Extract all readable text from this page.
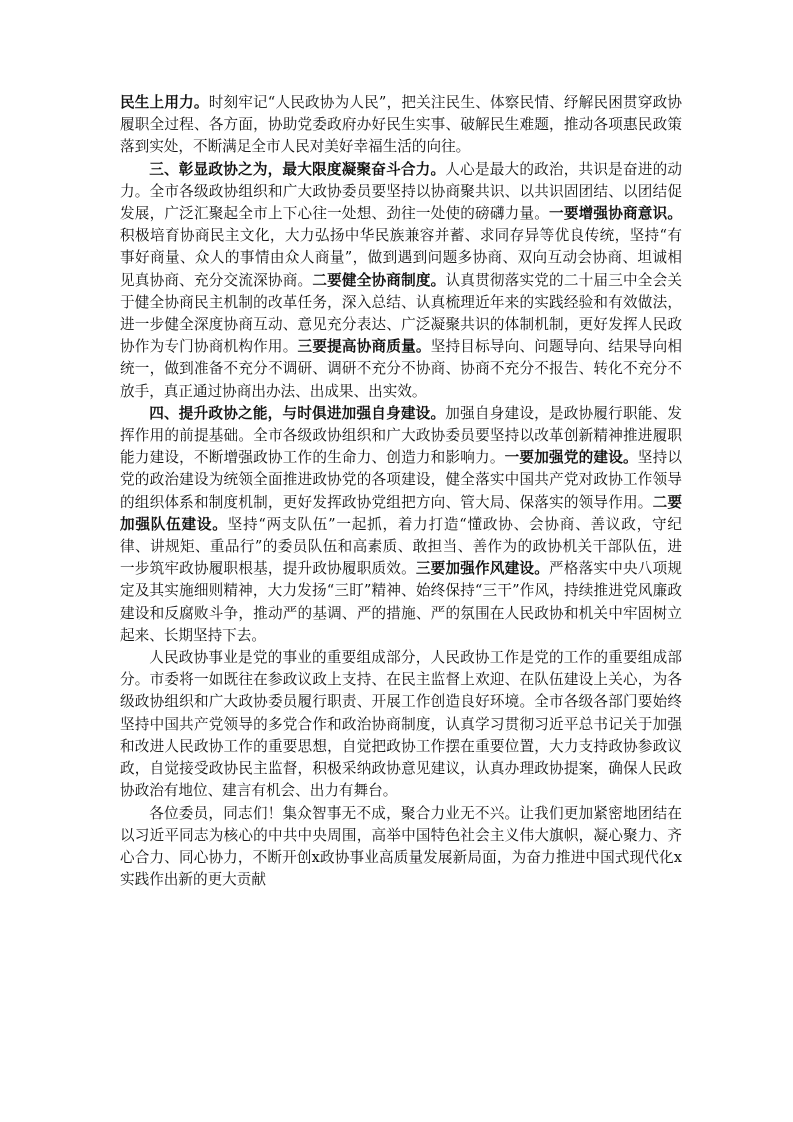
民生上用力。时刻牢记“人民政协为人民”，把关注民生、体察民情、纾解民困贯穿政协履职全过程、各方面，协助党委政府办好民生实事、破解民生难题，推动各项惠民政策落到实处，不断满足全市人民对美好幸福生活的向往。

三、彰显政协之为，最大限度凝聚奋斗合力。人心是最大的政治，共识是奋进的动力。全市各级政协组织和广大政协委员要坚持以协商聚共识、以共识固团结、以团结促发展，广泛汇聚起全市上下心往一处想、劲往一处使的磅礴力量。一要增强协商意识。积极培育协商民主文化，大力弘扬中华民族兼容并蓄、求同存异等优良传统，坚持“有事好商量、众人的事情由众人商量”，做到遇到问题多协商、双向互动会协商、坦诚相见真协商、充分交流深协商。二要健全协商制度。认真贯彻落实党的二十届三中全会关于健全协商民主机制的改革任务，深入总结、认真梳理近年来的实践经验和有效做法，进一步健全深度协商互动、意见充分表达、广泛凝聚共识的体制机制，更好发挥人民政协作为专门协商机构作用。三要提高协商质量。坚持目标导向、问题导向、结果导向相统一，做到准备不充分不调研、调研不充分不协商、协商不充分不报告、转化不充分不放手，真正通过协商出办法、出成果、出实效。

四、提升政协之能，与时俱进加强自身建设。加强自身建设，是政协履行职能、发挥作用的前提基础。全市各级政协组织和广大政协委员要坚持以改革创新精神推进履职能力建设，不断增强政协工作的生命力、创造力和影响力。一要加强党的建设。坚持以党的政治建设为统领全面推进政协党的各项建设，健全落实中国共产党对政协工作领导的组织体系和制度机制，更好发挥政协党组把方向、管大局、保落实的领导作用。二要加强队伍建设。坚持“两支队伍”一起抓，着力打造“懂政协、会协商、善议政，守纪律、讲规矩、重品行”的委员队伍和高素质、敢担当、善作为的政协机关干部队伍，进一步筑牢政协履职根基，提升政协履职质效。三要加强作风建设。严格落实中央八项规定及其实施细则精神，大力发扬“三盯”精神、始终保持“三干”作风，持续推进党风廉政建设和反腐败斗争，推动严的基调、严的措施、严的氛围在人民政协和机关中牢固树立起来、长期坚持下去。

人民政协事业是党的事业的重要组成部分，人民政协工作是党的工作的重要组成部分。市委将一如既往在参政议政上支持、在民主监督上欢迎、在队伍建设上关心，为各级政协组织和广大政协委员履行职责、开展工作创造良好环境。全市各级各部门要始终坚持中国共产党领导的多党合作和政治协商制度，认真学习贯彻习近平总书记关于加强和改进人民政协工作的重要思想，自觉把政协工作摆在重要位置，大力支持政协参政议政，自觉接受政协民主监督，积极采纳政协意见建议，认真办理政协提案，确保人民政协政治有地位、建言有机会、出力有舞台。

各位委员，同志们！集众智事无不成，聚合力业无不兴。让我们更加紧密地团结在以习近平同志为核心的中共中央周围，高举中国特色社会主义伟大旗帜，凝心聚力、齐心合力、同心协力，不断开创x政协事业高质量发展新局面，为奋力推进中国式现代化x实践作出新的更大贡献
